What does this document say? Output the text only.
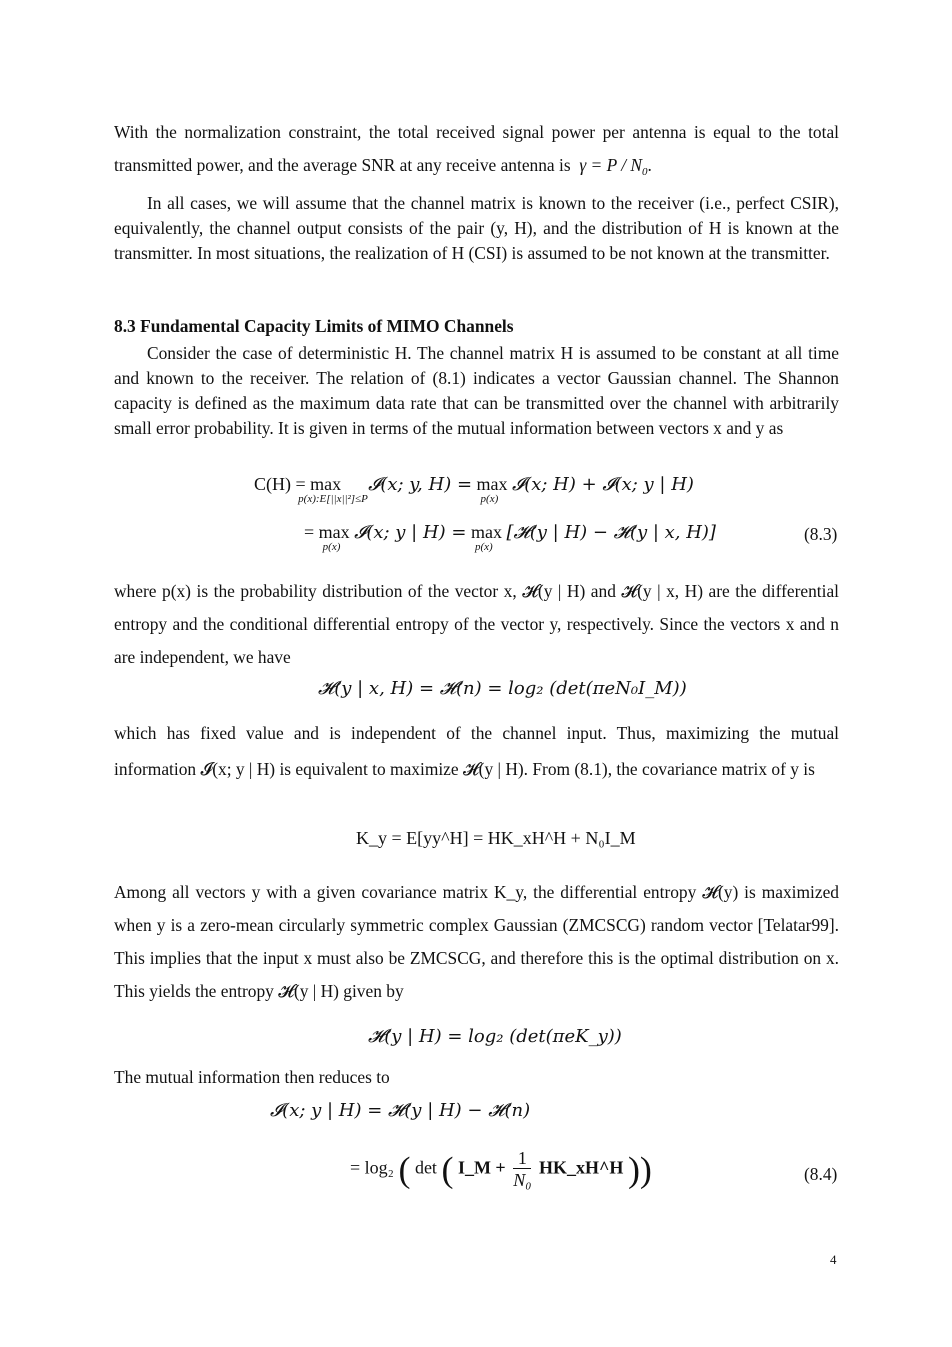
With the normalization constraint, the total received signal power per antenna is equal to the total transmitted power, and the average SNR at any receive antenna is $\gamma = P / N_0$.

In all cases, we will assume that the channel matrix is known to the receiver (i.e., perfect CSIR), equivalently, the channel output consists of the pair (y, H), and the distribution of H is known at the transmitter. In most situations, the realization of H (CSI) is assumed to be not known at the transmitter.

8.3 Fundamental Capacity Limits of MIMO Channels

Consider the case of deterministic H. The channel matrix H is assumed to be constant at all time and known to the receiver. The relation of (8.1) indicates a vector Gaussian channel. The Shannon capacity is defined as the maximum data rate that can be transmitted over the channel with arbitrarily small error probability. It is given in terms of the mutual information between vectors x and y as

C(H) = max
p(x):E[||x||²]≤P
𝓘(x; y, H) = max
p(x)
𝓘(x; H) + 𝓘(x; y | H)
= max
p(x)
𝓘(x; y | H) = max
p(x)
[𝓗(y | H) − 𝓗(y | x, H)]	(8.3)

where p(x) is the probability distribution of the vector x, 𝓗(y | H) and 𝓗(y | x, H) are the differential entropy and the conditional differential entropy of the vector y, respectively. Since the vectors x and n are independent, we have

𝓗(y | x, H) = 𝓗(n) = log₂ (det(πeN₀I_M))

which has fixed value and is independent of the channel input. Thus, maximizing the mutual information 𝓘(x; y | H) is equivalent to maximize 𝓗(y | H). From (8.1), the covariance matrix of y is

K_y = E[yy^H] = HK_xH^H + N₀I_M

Among all vectors y with a given covariance matrix K_y, the differential entropy 𝓗(y) is maximized when y is a zero-mean circularly symmetric complex Gaussian (ZMCSCG) random vector [Telatar99]. This implies that the input x must also be ZMCSCG, and therefore this is the optimal distribution on x. This yields the entropy 𝓗(y | H) given by

𝓗(y | H) = log₂ (det(πeK_y))

The mutual information then reduces to

𝓘(x; y | H) = 𝓗(y | H) − 𝓗(n)
= log₂ ( det ( I_M + $\frac{1}{\text{N₀}}$ HK_xH^H ))	(8.4)
4
